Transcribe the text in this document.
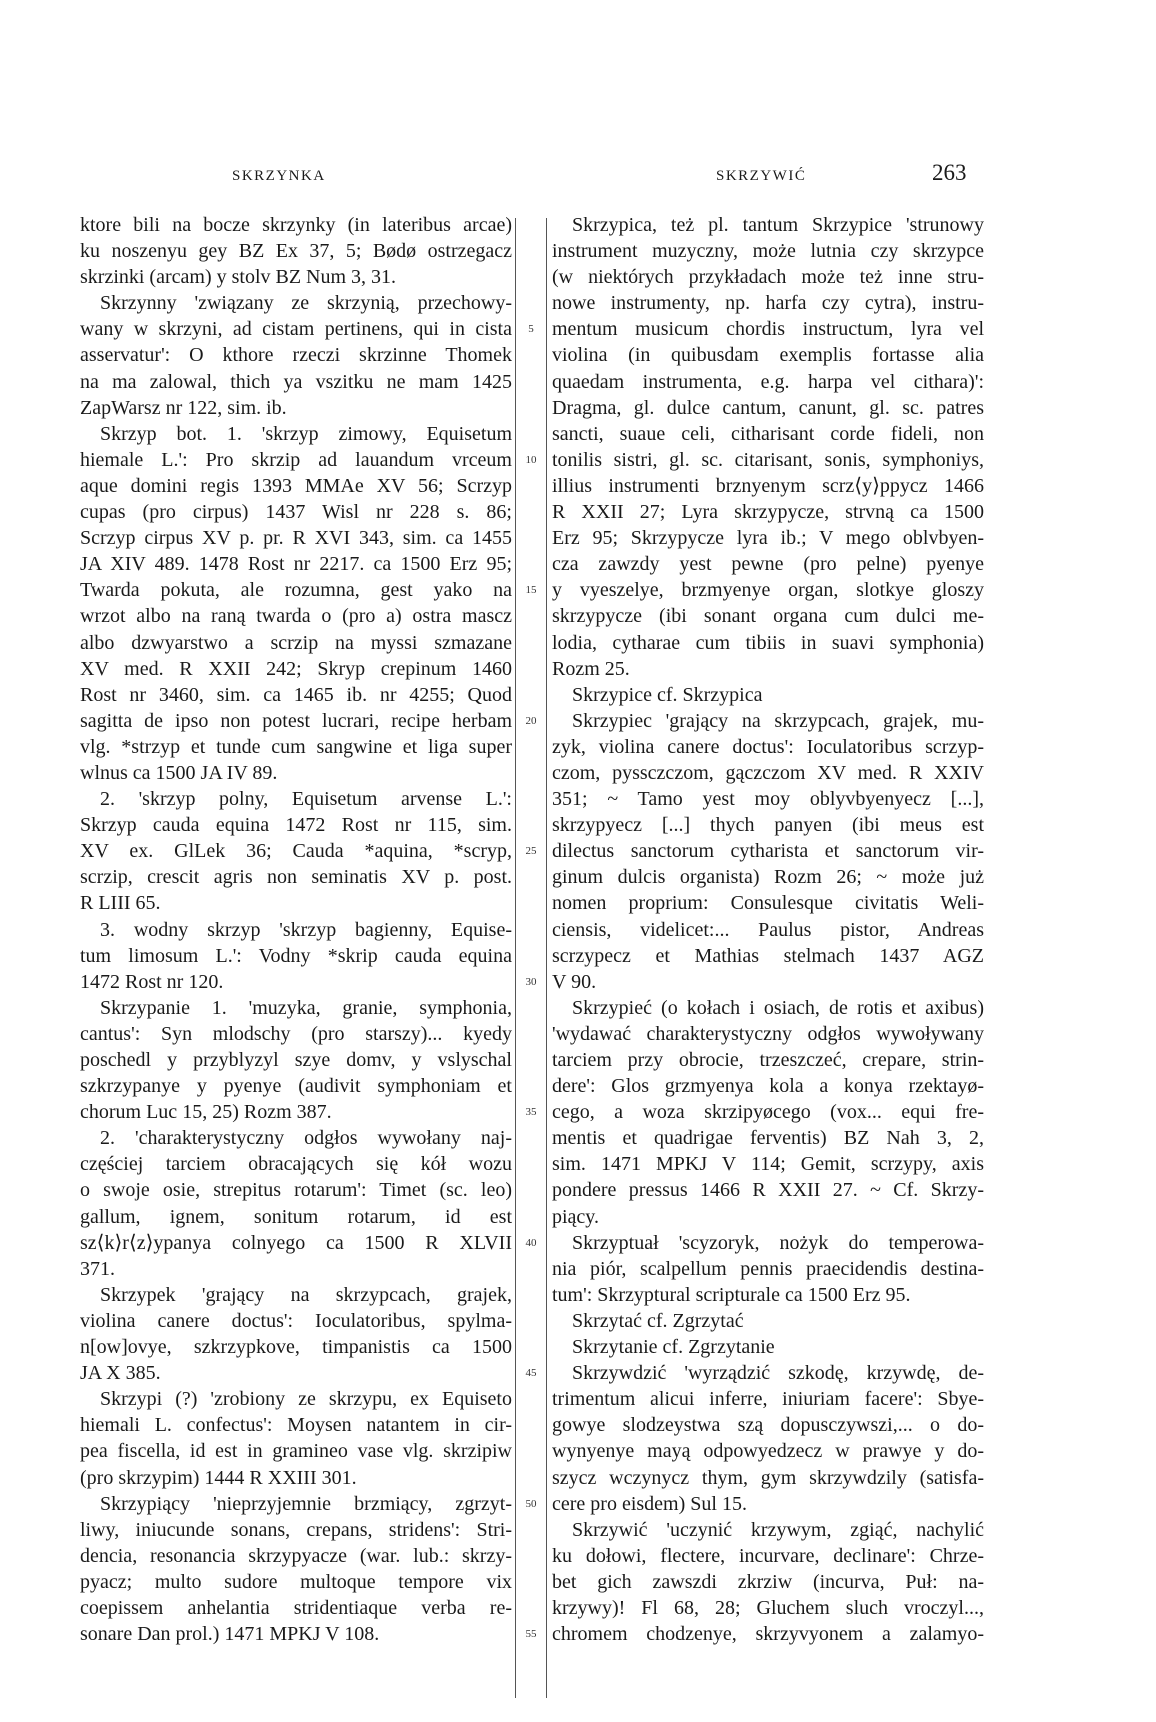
SKRZYNKA	SKRZYWIĆ	263
ktore bili na bocze skrzynky (in lateribus arcae)
ku noszenyu gey BZ Ex 37, 5; Bødø ostrzegacz
skrzinki (arcam) y stolv BZ Num 3, 31.
Skrzynny 'związany ze skrzynią, przechowy-
wany w skrzyni, ad cistam pertinens, qui in cista
asservatur': O kthore rzeczi skrzinne Thomek
na ma zalowal, thich ya vszitku ne mam 1425
ZapWarsz nr 122, sim. ib.
Skrzyp bot. 1. 'skrzyp zimowy, Equisetum
hiemale L.': Pro skrzip ad lauandum vrceum
aque domini regis 1393 MMAe XV 56; Scrzyp
cupas (pro cirpus) 1437 Wisl nr 228 s. 86;
Scrzyp cirpus XV p. pr. R XVI 343, sim. ca 1455
JA XIV 489. 1478 Rost nr 2217. ca 1500 Erz 95;
Twarda pokuta, ale rozumna, gest yako na
wrzot albo na raną twarda o (pro a) ostra mascz
albo dzwyarstwo a scrzip na myssi szmazane
XV med. R XXII 242; Skryp crepinum 1460
Rost nr 3460, sim. ca 1465 ib. nr 4255; Quod
sagitta de ipso non potest lucrari, recipe herbam
vlg. *strzyp et tunde cum sangwine et liga super
wlnus ca 1500 JA IV 89.
2. 'skrzyp polny, Equisetum arvense L.':
Skrzyp cauda equina 1472 Rost nr 115, sim.
XV ex. GlLek 36; Cauda *aquina, *scryp,
scrzip, crescit agris non seminatis XV p. post.
R LIII 65.
3. wodny skrzyp 'skrzyp bagienny, Equise-
tum limosum L.': Vodny *skrip cauda equina
1472 Rost nr 120.
Skrzypanie 1. 'muzyka, granie, symphonia,
cantus': Syn mlodschy (pro starszy)... kyedy
poschedl y przyblyzyl szye domv, y vslyschal
szkrzypanye y pyenye (audivit symphoniam et
chorum Luc 15, 25) Rozm 387.
2. 'charakterystyczny odgłos wywołany naj-
częściej tarciem obracających się kół wozu
o swoje osie, strepitus rotarum': Timet (sc. leo)
gallum, ignem, sonitum rotarum, id est
sz⟨k⟩r⟨z⟩ypanya colnyego ca 1500 R XLVII
371.
Skrzypek 'grający na skrzypcach, grajek,
violina canere doctus': Ioculatoribus, spylma-
n[ow]ovye, szkrzypkove, timpanistis ca 1500
JA X 385.
Skrzypi (?) 'zrobiony ze skrzypu, ex Equiseto
hiemali L. confectus': Moysen natantem in cir-
pea fiscella, id est in gramineo vase vlg. skrzipiw
(pro skrzypim) 1444 R XXIII 301.
Skrzypiący 'nieprzyjemnie brzmiący, zgrzyt-
liwy, iniucunde sonans, crepans, stridens': Stri-
dencia, resonancia skrzypyacze (war. lub.: skrzy-
pyacz; multo sudore multoque tempore vix
coepissem anhelantia stridentiaque verba re-
sonare Dan prol.) 1471 MPKJ V 108.
5
10
15
20
25
30
35
40
45
50
55
Skrzypica, też pl. tantum Skrzypice 'strunowy
instrument muzyczny, może lutnia czy skrzypce
(w niektórych przykładach może też inne stru-
nowe instrumenty, np. harfa czy cytra), instru-
mentum musicum chordis instructum, lyra vel
violina (in quibusdam exemplis fortasse alia
quaedam instrumenta, e.g. harpa vel cithara)':
Dragma, gl. dulce cantum, canunt, gl. sc. patres
sancti, suaue celi, citharisant corde fideli, non
tonilis sistri, gl. sc. citarisant, sonis, symphoniys,
illius instrumenti brznyenym scrz⟨y⟩ppycz 1466
R XXII 27; Lyra skrzypycze, strvną ca 1500
Erz 95; Skrzypycze lyra ib.; V mego oblvbyen-
cza zawzdy yest pewne (pro pelne) pyenye
y vyeszelye, brzmyenye organ, slotkye gloszy
skrzypycze (ibi sonant organa cum dulci me-
lodia, cytharae cum tibiis in suavi symphonia)
Rozm 25.
Skrzypice cf. Skrzypica
Skrzypiec 'grający na skrzypcach, grajek, mu-
zyk, violina canere doctus': Ioculatoribus scrzyp-
czom, pyssczczom, gączczom XV med. R XXIV
351; ~ Tamo yest moy oblyvbyenyecz [...],
skrzypyecz [...] thych panyen (ibi meus est
dilectus sanctorum cytharista et sanctorum vir-
ginum dulcis organista) Rozm 26; ~ może już
nomen proprium: Consulesque civitatis Weli-
ciensis, videlicet:... Paulus pistor, Andreas
scrzypecz et Mathias stelmach 1437 AGZ
V 90.
Skrzypieć (o kołach i osiach, de rotis et axibus)
'wydawać charakterystyczny odgłos wywoływany
tarciem przy obrocie, trzeszczeć, crepare, strin-
dere': Glos grzmyenya kola a konya rzektayø-
cego, a woza skrzipyøcego (vox... equi fre-
mentis et quadrigae ferventis) BZ Nah 3, 2,
sim. 1471 MPKJ V 114; Gemit, scrzypy, axis
pondere pressus 1466 R XXII 27. ~ Cf. Skrzy-
piący.
Skrzyptuał 'scyzoryk, nożyk do temperowa-
nia piór, scalpellum pennis praecidendis destina-
tum': Skrzyptural scripturale ca 1500 Erz 95.
Skrzytać cf. Zgrzytać
Skrzytanie cf. Zgrzytanie
Skrzywdzić 'wyrządzić szkodę, krzywdę, de-
trimentum alicui inferre, iniuriam facere': Sbye-
gowye slodzeystwa szą dopusczywszi,... o do-
wynyenye mayą odpowyedzecz w prawye y do-
szycz wczynycz thym, gym skrzywdzily (satisfa-
cere pro eisdem) Sul 15.
Skrzywić 'uczynić krzywym, zgiąć, nachylić
ku dołowi, flectere, incurvare, declinare': Chrze-
bet gich zawszdi zkrziw (incurva, Puł: na-
krzywy)! Fl 68, 28; Gluchem sluch vroczyl...,
chromem chodzenye, skrzyvyonem a zalamyo-
